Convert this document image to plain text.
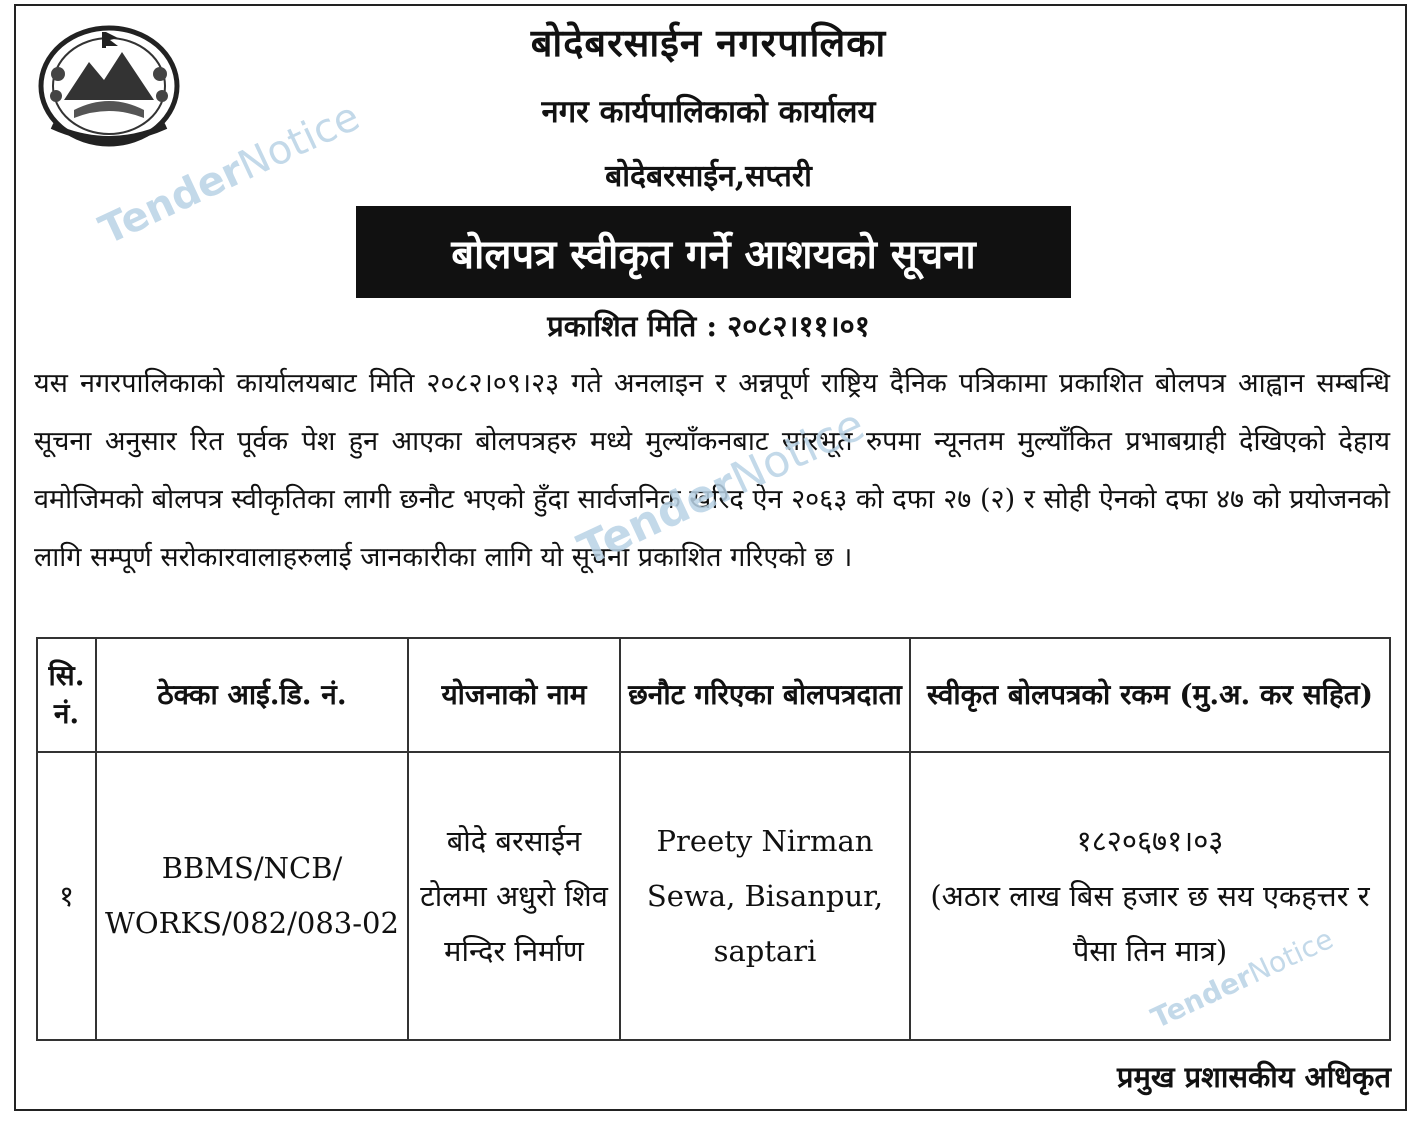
बोदेबरसाईन नगरपालिका
नगर कार्यपालिकाको कार्यालय
बोदेबरसाईन,सप्तरी
बोलपत्र स्वीकृत गर्ने आशयको सूचना
प्रकाशित मिति : २०८२।११।०१
यस नगरपालिकाको कार्यालयबाट मिति २०८२।०९।२३ गते अनलाइन र अन्नपूर्ण राष्ट्रिय दैनिक पत्रिकामा प्रकाशित बोलपत्र आह्वान सम्बन्धि सूचना अनुसार रित पूर्वक पेश हुन आएका बोलपत्रहरु मध्ये मुल्याँकनबाट सारभूत रुपमा न्यूनतम मुल्याँकित प्रभाबग्राही देखिएको देहाय वमोजिमको बोलपत्र स्वीकृतिका लागी छनौट भएको हुँदा सार्वजनिक खरिद ऐन २०६३ को दफा २७ (२) र सोही ऐनको दफा ४७ को प्रयोजनको लागि सम्पूर्ण सरोकारवालाहरुलाई जानकारीका लागि यो सूचना प्रकाशित गरिएको छ ।
सि. नं.	ठेक्का आई.डि. नं.	योजनाको नाम	छनौट गरिएका बोलपत्रदाता	स्वीकृत बोलपत्रको रकम (मु.अ. कर सहित)
१	BBMS/NCB/ WORKS/082/083-02	बोदे बरसाईन टोलमा अधुरो शिव मन्दिर निर्माण	Preety Nirman Sewa, Bisanpur, saptari	१८२०६७१।०३
(अठार लाख बिस हजार छ सय एकहत्तर र पैसा तिन मात्र)
प्रमुख प्रशासकीय अधिकृत
TenderNotice
TenderNotice
TenderNotice
